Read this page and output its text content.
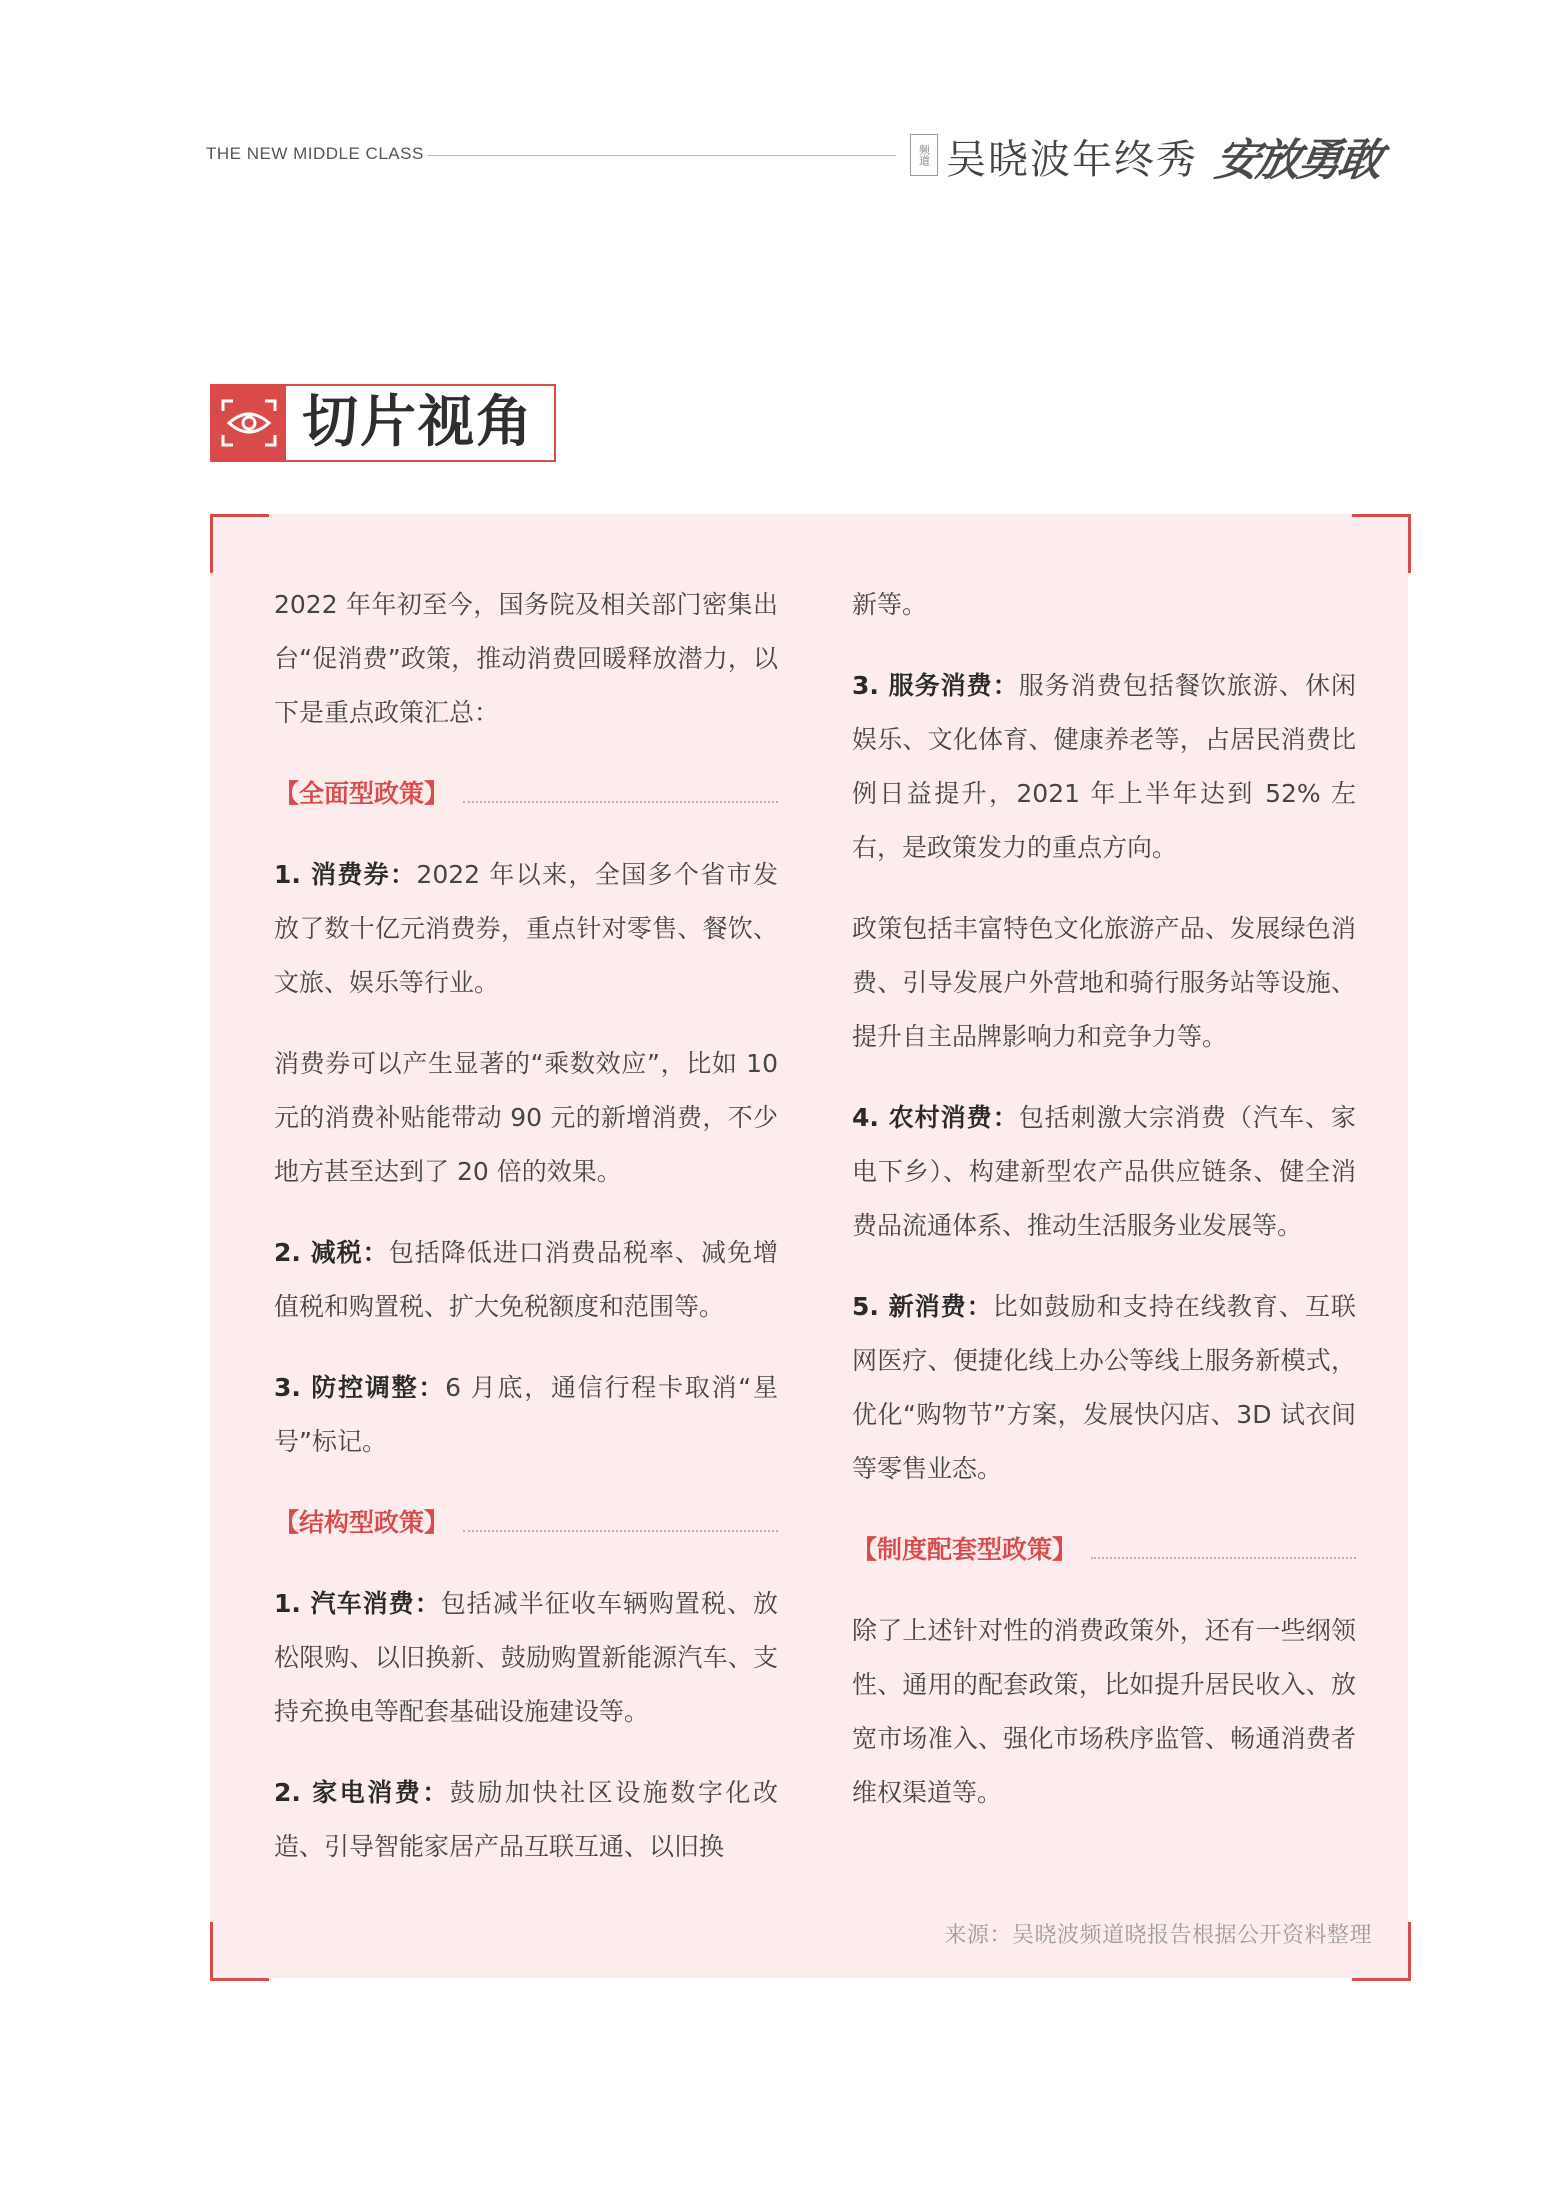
THE NEW MIDDLE CLASS	频道 吴晓波年终秀 安放勇敢
切片视角

2022 年年初至今，国务院及相关部门密集出台“促消费”政策，推动消费回暖释放潜力，以下是重点政策汇总：

【全面型政策】

1. 消费券：2022 年以来，全国多个省市发放了数十亿元消费券，重点针对零售、餐饮、文旅、娱乐等行业。

消费券可以产生显著的“乘数效应”，比如 10 元的消费补贴能带动 90 元的新增消费，不少地方甚至达到了 20 倍的效果。

2. 减税：包括降低进口消费品税率、减免增值税和购置税、扩大免税额度和范围等。

3. 防控调整：6 月底，通信行程卡取消“星号”标记。

【结构型政策】

1. 汽车消费：包括减半征收车辆购置税、放松限购、以旧换新、鼓励购置新能源汽车、支持充换电等配套基础设施建设等。

2. 家电消费：鼓励加快社区设施数字化改造、引导智能家居产品互联互通、以旧换

新等。

3. 服务消费：服务消费包括餐饮旅游、休闲娱乐、文化体育、健康养老等，占居民消费比例日益提升，2021 年上半年达到 52% 左右，是政策发力的重点方向。

政策包括丰富特色文化旅游产品、发展绿色消费、引导发展户外营地和骑行服务站等设施、提升自主品牌影响力和竞争力等。

4. 农村消费：包括刺激大宗消费（汽车、家电下乡）、构建新型农产品供应链条、健全消费品流通体系、推动生活服务业发展等。

5. 新消费：比如鼓励和支持在线教育、互联网医疗、便捷化线上办公等线上服务新模式，优化“购物节”方案，发展快闪店、3D 试衣间等零售业态。

【制度配套型政策】

除了上述针对性的消费政策外，还有一些纲领性、通用的配套政策，比如提升居民收入、放宽市场准入、强化市场秩序监管、畅通消费者维权渠道等。

来源：吴晓波频道晓报告根据公开资料整理
